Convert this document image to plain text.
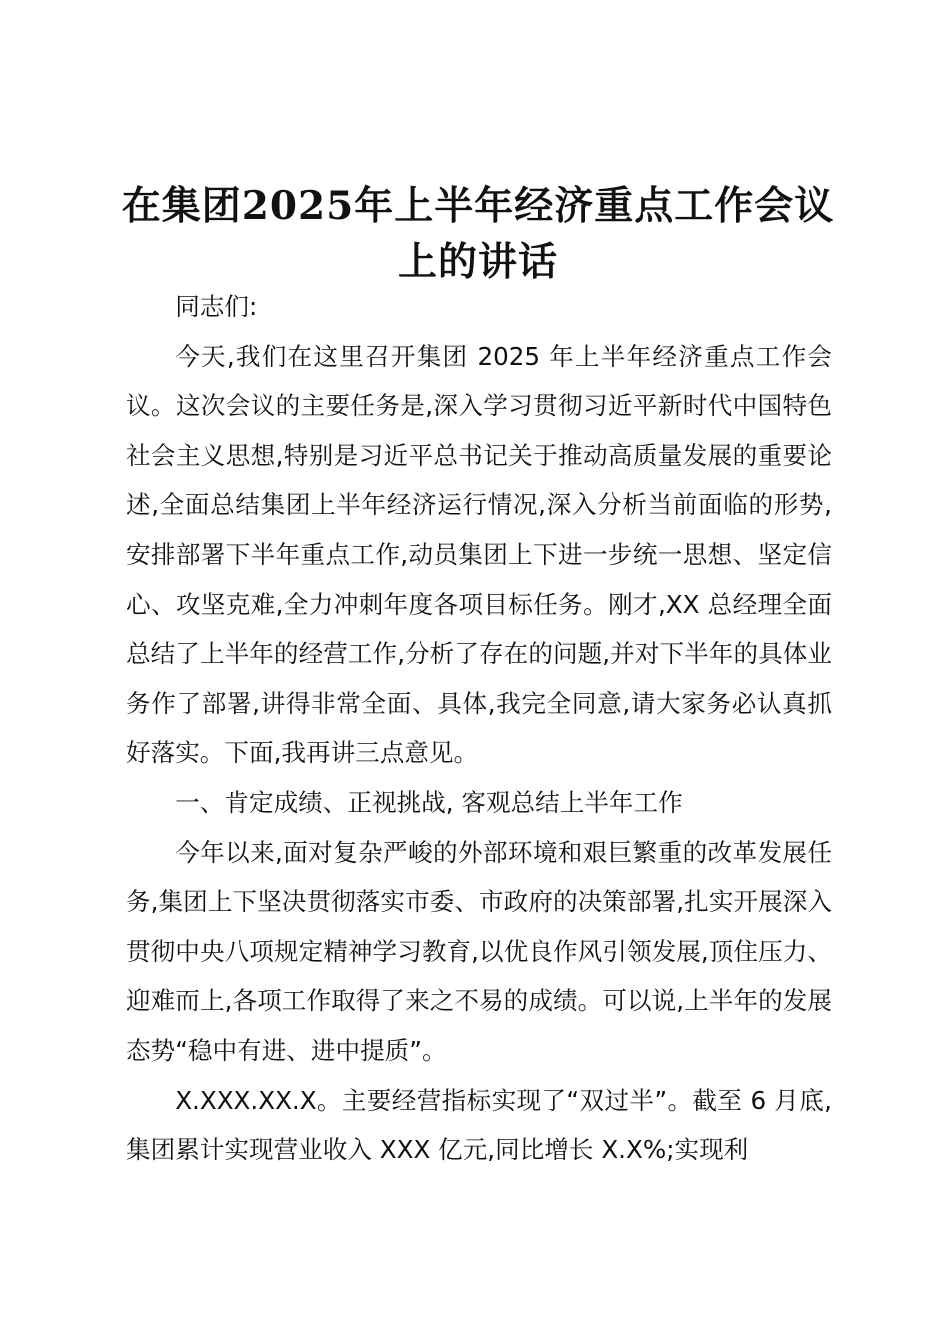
在集团2025年上半年经济重点工作会议上的讲话

同志们:

今天,我们在这里召开集团 2025 年上半年经济重点工作会议。这次会议的主要任务是,深入学习贯彻习近平新时代中国特色社会主义思想,特别是习近平总书记关于推动高质量发展的重要论述,全面总结集团上半年经济运行情况,深入分析当前面临的形势,安排部署下半年重点工作,动员集团上下进一步统一思想、坚定信心、攻坚克难,全力冲刺年度各项目标任务。刚才,XX 总经理全面总结了上半年的经营工作,分析了存在的问题,并对下半年的具体业务作了部署,讲得非常全面、具体,我完全同意,请大家务必认真抓好落实。下面,我再讲三点意见。

一、肯定成绩、正视挑战, 客观总结上半年工作

今年以来,面对复杂严峻的外部环境和艰巨繁重的改革发展任务,集团上下坚决贯彻落实市委、市政府的决策部署,扎实开展深入贯彻中央八项规定精神学习教育,以优良作风引领发展,顶住压力、迎难而上,各项工作取得了来之不易的成绩。可以说,上半年的发展态势“稳中有进、进中提质”。

X.XXX.XX.X。主要经营指标实现了“双过半”。截至 6 月底,集团累计实现营业收入 XXX 亿元,同比增长 X.X%;实现利
